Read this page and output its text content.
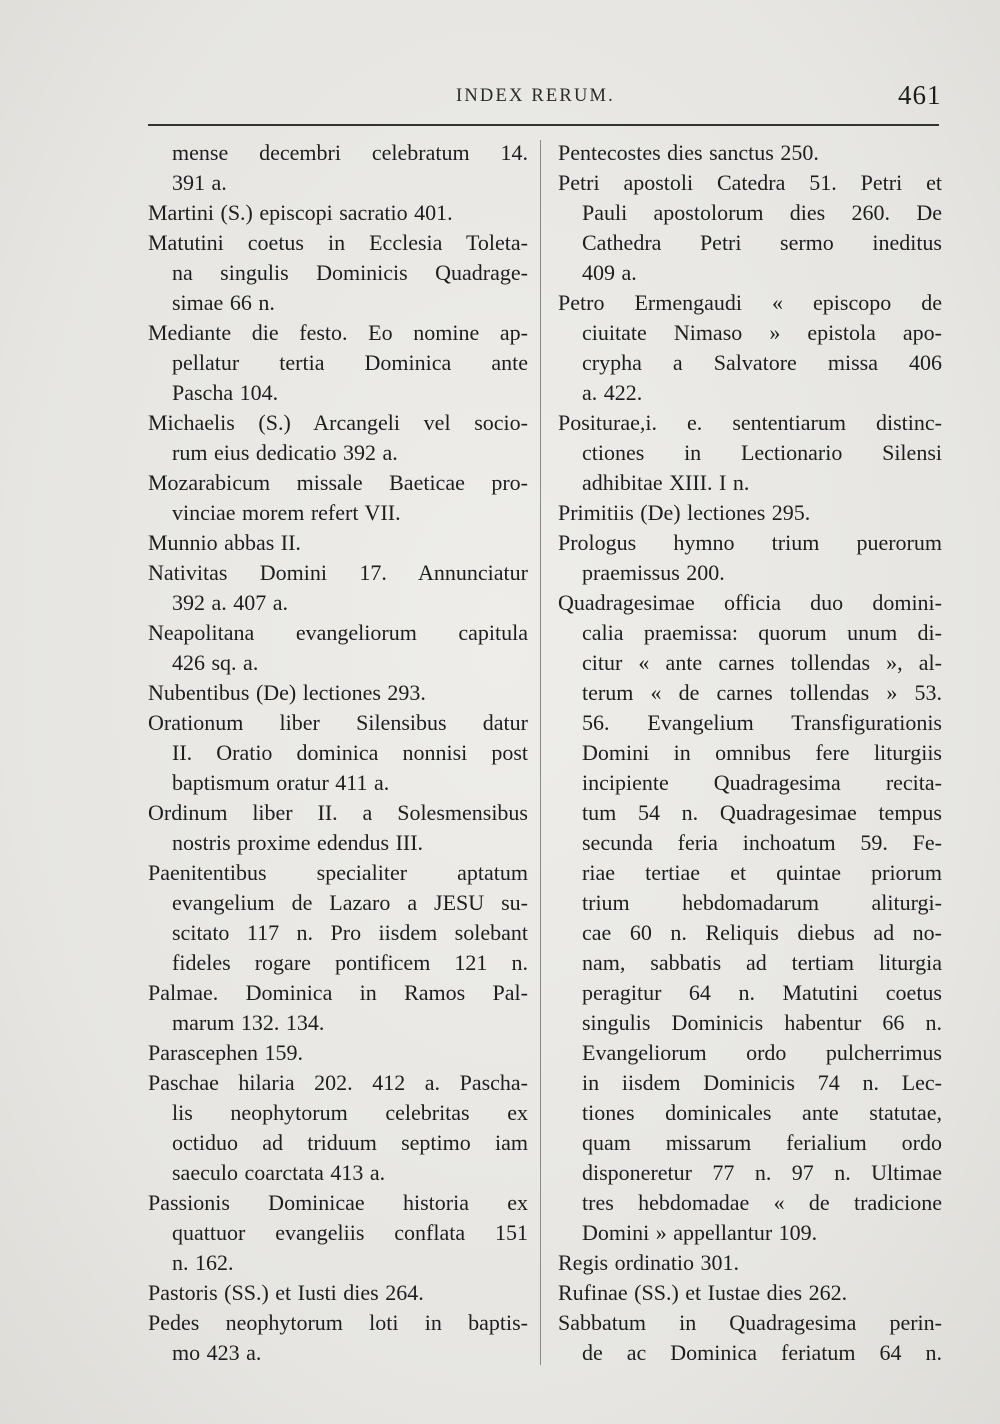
INDEX RERUM.	461
mense decembri celebratum 14.
391 a.
Martini (S.) episcopi sacratio 401.
Matutini coetus in Ecclesia Toleta-
na singulis Dominicis Quadrage-
simae 66 n.
Mediante die festo. Eo nomine ap-
pellatur tertia Dominica ante
Pascha 104.
Michaelis (S.) Arcangeli vel socio-
rum eius dedicatio 392 a.
Mozarabicum missale Baeticae pro-
vinciae morem refert VII.
Munnio abbas II.
Nativitas Domini 17. Annunciatur
392 a. 407 a.
Neapolitana evangeliorum capitula
426 sq. a.
Nubentibus (De) lectiones 293.
Orationum liber Silensibus datur
II. Oratio dominica nonnisi post
baptismum oratur 411 a.
Ordinum liber II. a Solesmensibus
nostris proxime edendus III.
Paenitentibus specialiter aptatum
evangelium de Lazaro a JESU su-
scitato 117 n. Pro iisdem solebant
fideles rogare pontificem 121 n.
Palmae. Dominica in Ramos Pal-
marum 132. 134.
Parascephen 159.
Paschae hilaria 202. 412 a. Pascha-
lis neophytorum celebritas ex
octiduo ad triduum septimo iam
saeculo coarctata 413 a.
Passionis Dominicae historia ex
quattuor evangeliis conflata 151
n. 162.
Pastoris (SS.) et Iusti dies 264.
Pedes neophytorum loti in baptis-
mo 423 a.
Pentecostes dies sanctus 250.
Petri apostoli Catedra 51. Petri et
Pauli apostolorum dies 260. De
Cathedra Petri sermo ineditus
409 a.
Petro Ermengaudi « episcopo de
ciuitate Nimaso » epistola apo-
crypha a Salvatore missa 406
a. 422.
Positurae,i. e. sententiarum distinc-
ctiones in Lectionario Silensi
adhibitae XIII. I n.
Primitiis (De) lectiones 295.
Prologus hymno trium puerorum
praemissus 200.
Quadragesimae officia duo domini-
calia praemissa: quorum unum di-
citur « ante carnes tollendas », al-
terum « de carnes tollendas » 53.
56. Evangelium Transfigurationis
Domini in omnibus fere liturgiis
incipiente Quadragesima recita-
tum 54 n. Quadragesimae tempus
secunda feria inchoatum 59. Fe-
riae tertiae et quintae priorum
trium hebdomadarum aliturgi-
cae 60 n. Reliquis diebus ad no-
nam, sabbatis ad tertiam liturgia
peragitur 64 n. Matutini coetus
singulis Dominicis habentur 66 n.
Evangeliorum ordo pulcherrimus
in iisdem Dominicis 74 n. Lec-
tiones dominicales ante statutae,
quam missarum ferialium ordo
disponeretur 77 n. 97 n. Ultimae
tres hebdomadae « de tradicione
Domini » appellantur 109.
Regis ordinatio 301.
Rufinae (SS.) et Iustae dies 262.
Sabbatum in Quadragesima perin-
de ac Dominica feriatum 64 n.
